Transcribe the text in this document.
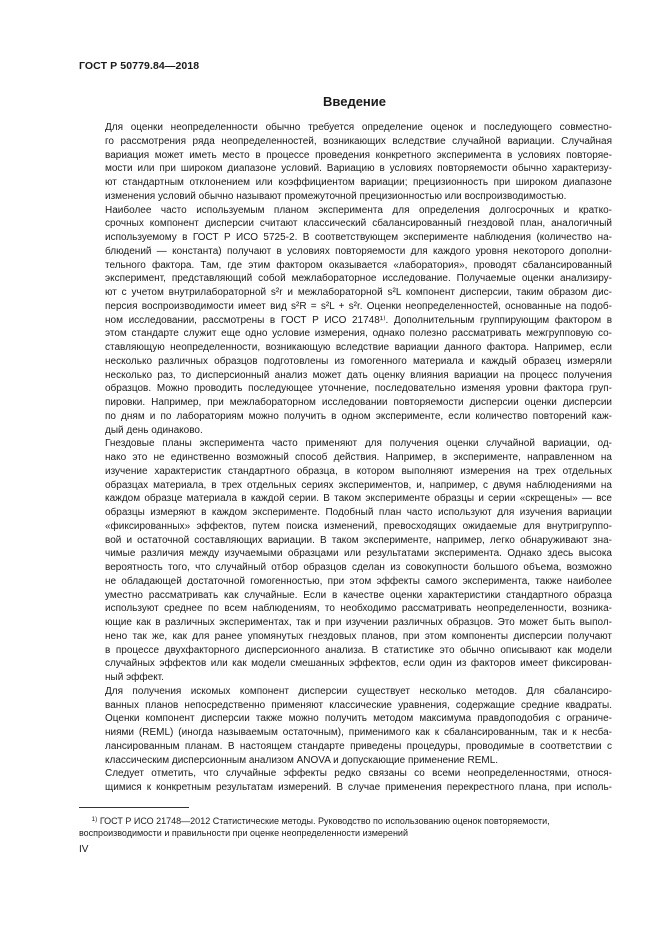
ГОСТ Р 50779.84—2018
Введение

Для оценки неопределенности обычно требуется определение оценок и последующего совместно-
го рассмотрения ряда неопределенностей, возникающих вследствие случайной вариации. Случайная
вариация может иметь место в процессе проведения конкретного эксперимента в условиях повторяе-
мости или при широком диапазоне условий. Вариацию в условиях повторяемости обычно характеризу-
ют стандартным отклонением или коэффициентом вариации; прецизионность при широком диапазоне
изменения условий обычно называют промежуточной прецизионностью или воспроизводимостью.

Наиболее часто используемым планом эксперимента для определения долгосрочных и кратко-
срочных компонент дисперсии считают классический сбалансированный гнездовой план, аналогичный
используемому в ГОСТ Р ИСО 5725-2. В соответствующем эксперименте наблюдения (количество на-
блюдений — константа) получают в условиях повторяемости для каждого уровня некоторого дополни-
тельного фактора. Там, где этим фактором оказывается «лаборатория», проводят сбалансированный
эксперимент, представляющий собой межлабораторное исследование. Получаемые оценки анализиру-
ют с учетом внутрилабораторной s²r и межлабораторной s²L компонент дисперсии, таким образом дис-
персия воспроизводимости имеет вид s²R = s²L + s²r. Оценки неопределенностей, основанные на подоб-
ном исследовании, рассмотрены в ГОСТ Р ИСО 21748¹⁾. Дополнительным группирующим фактором в
этом стандарте служит еще одно условие измерения, однако полезно рассматривать межгрупповую со-
ставляющую неопределенности, возникающую вследствие вариации данного фактора. Например, если
несколько различных образцов подготовлены из гомогенного материала и каждый образец измеряли
несколько раз, то дисперсионный анализ может дать оценку влияния вариации на процесс получения
образцов. Можно проводить последующее уточнение, последовательно изменяя уровни фактора груп-
пировки. Например, при межлабораторном исследовании повторяемости дисперсии оценки дисперсии
по дням и по лабораториям можно получить в одном эксперименте, если количество повторений каж-
дый день одинаково.

Гнездовые планы эксперимента часто применяют для получения оценки случайной вариации, од-
нако это не единственно возможный способ действия. Например, в эксперименте, направленном на
изучение характеристик стандартного образца, в котором выполняют измерения на трех отдельных
образцах материала, в трех отдельных сериях экспериментов, и, например, с двумя наблюдениями на
каждом образце материала в каждой серии. В таком эксперименте образцы и серии «скрещены» — все
образцы измеряют в каждом эксперименте. Подобный план часто используют для изучения вариации
«фиксированных» эффектов, путем поиска изменений, превосходящих ожидаемые для внутригруппо-
вой и остаточной составляющих вариации. В таком эксперименте, например, легко обнаруживают зна-
чимые различия между изучаемыми образцами или результатами эксперимента. Однако здесь высока
вероятность того, что случайный отбор образцов сделан из совокупности большого объема, возможно
не обладающей достаточной гомогенностью, при этом эффекты самого эксперимента, также наиболее
уместно рассматривать как случайные. Если в качестве оценки характеристики стандартного образца
используют среднее по всем наблюдениям, то необходимо рассматривать неопределенности, возника-
ющие как в различных экспериментах, так и при изучении различных образцов. Это может быть выпол-
нено так же, как для ранее упомянутых гнездовых планов, при этом компоненты дисперсии получают
в процессе двухфакторного дисперсионного анализа. В статистике это обычно описывают как модели
случайных эффектов или как модели смешанных эффектов, если один из факторов имеет фиксирован-
ный эффект.

Для получения искомых компонент дисперсии существует несколько методов. Для сбалансиро-
ванных планов непосредственно применяют классические уравнения, содержащие средние квадраты.
Оценки компонент дисперсии также можно получить методом максимума правдоподобия с ограниче-
ниями (REML) (иногда называемым остаточным), применимого как к сбалансированным, так и к несба-
лансированным планам. В настоящем стандарте приведены процедуры, проводимые в соответствии с
классическим дисперсионным анализом ANOVA и допускающие применение REML.

Следует отметить, что случайные эффекты редко связаны со всеми неопределенностями, относя-
щимися к конкретным результатам измерений. В случае применения перекрестного плана, при исполь-

$^{1)}$ ГОСТ Р ИСО 21748—2012 Статистические методы. Руководство по использованию оценок повторяемости,
воспроизводимости и правильности при оценке неопределенности измерений
IV
